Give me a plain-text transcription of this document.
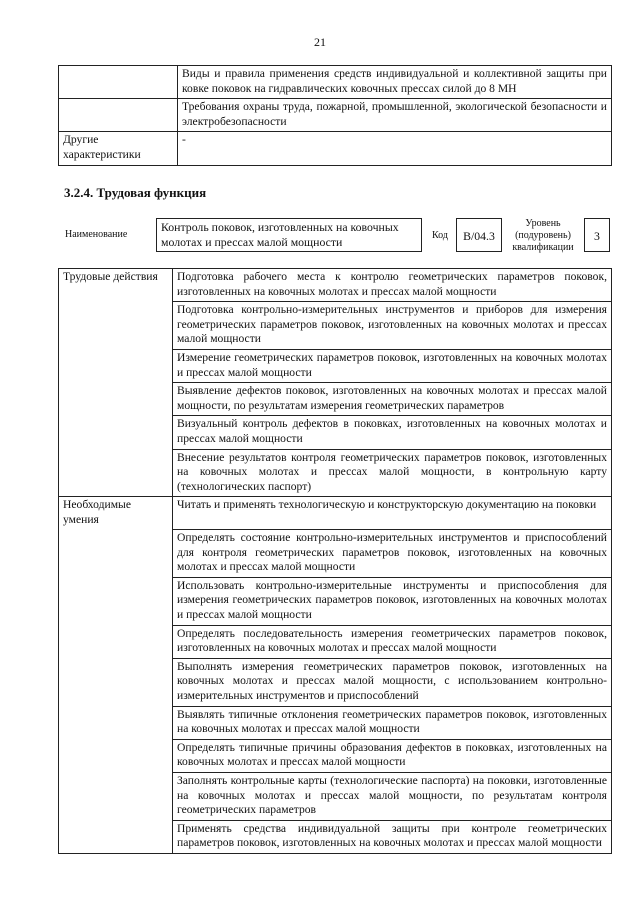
21
	Виды и правила применения средств индивидуальной и коллективной защиты при ковке поковок на гидравлических ковочных прессах силой до 8 МН
	Требования охраны труда, пожарной, промышленной, экологической безопасности и электробезопасности
Другие характеристики	-
3.2.4. Трудовая функция
Наименование
Контроль поковок, изготовленных на ковочных молотах и прессах малой мощности	Код	B/04.3
Уровень (подуровень) квалификации
3
Трудовые действия	Подготовка рабочего места к контролю геометрических параметров поковок, изготовленных на ковочных молотах и прессах малой мощности
	Подготовка контрольно-измерительных инструментов и приборов для измерения геометрических параметров поковок, изготовленных на ковочных молотах и прессах малой мощности
	Измерение геометрических параметров поковок, изготовленных на ковочных молотах и прессах малой мощности
	Выявление дефектов поковок, изготовленных на ковочных молотах и прессах малой мощности, по результатам измерения геометрических параметров
	Визуальный контроль дефектов в поковках, изготовленных на ковочных молотах и прессах малой мощности
	Внесение результатов контроля геометрических параметров поковок, изготовленных на ковочных молотах и прессах малой мощности, в контрольную карту (технологических паспорт)
Необходимые умения	Читать и применять технологическую и конструкторскую документацию на поковки
	Определять состояние контрольно-измерительных инструментов и приспособлений для контроля геометрических параметров поковок, изготовленных на ковочных молотах и прессах малой мощности
	Использовать контрольно-измерительные инструменты и приспособления для измерения геометрических параметров поковок, изготовленных на ковочных молотах и прессах малой мощности
	Определять последовательность измерения геометрических параметров поковок, изготовленных на ковочных молотах и прессах малой мощности
	Выполнять измерения геометрических параметров поковок, изготовленных на ковочных молотах и прессах малой мощности, с использованием контрольно-измерительных инструментов и приспособлений
	Выявлять типичные отклонения геометрических параметров поковок, изготовленных на ковочных молотах и прессах малой мощности
	Определять типичные причины образования дефектов в поковках, изготовленных на ковочных молотах и прессах малой мощности
	Заполнять контрольные карты (технологические паспорта) на поковки, изготовленные на ковочных молотах и прессах малой мощности, по результатам контроля геометрических параметров
	Применять средства индивидуальной защиты при контроле геометрических параметров поковок, изготовленных на ковочных молотах и прессах малой мощности
